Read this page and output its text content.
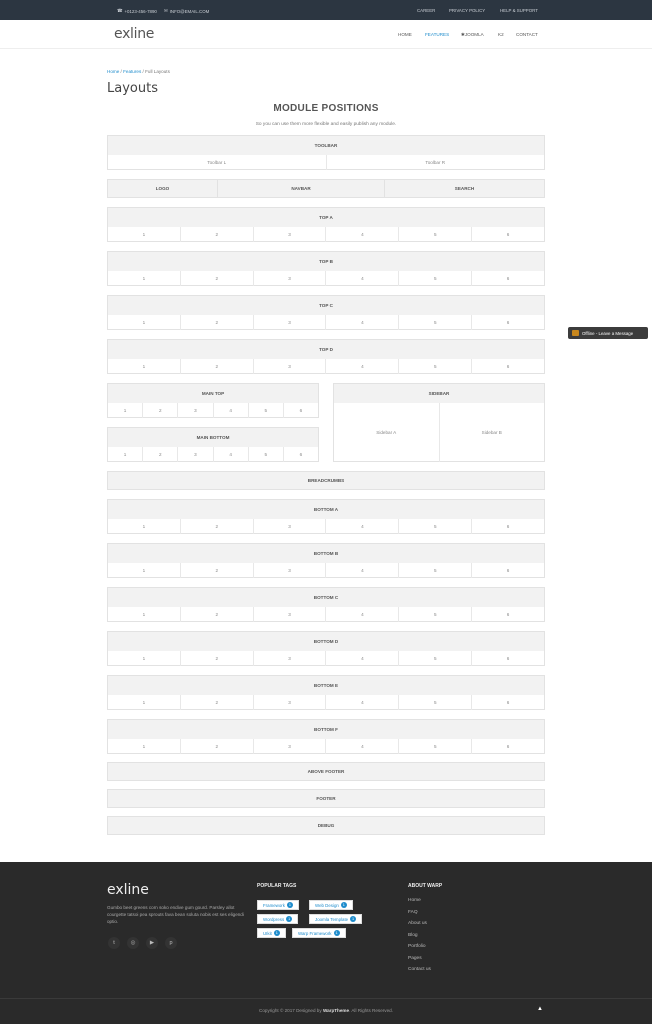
☎ +0123-456-7890 ✉ INFO@EMAIL.COM	CAREER	PRIVACY POLICY	HELP & SUPPORT
exline	HOME	FEATURES	✱JOOMLA	K2	CONTACT
Home / Features / Full Layouts
Layouts
MODULE POSITIONS
So you can use them more flexible and easily publish any module.
TOOLBAR
Toolbar L	Toolbar R
LOGO	NAVBAR	SEARCH
TOP A
1	2	3	4	5	6
TOP B
1	2	3	4	5	6
TOP C
1	2	3	4	5	6
TOP D
1	2	3	4	5	6
MAIN TOP
1	2	3	4	5	6
MAIN BOTTOM
1	2	3	4	5	6
SIDEBAR
Sidebar A	Sidebar B
BREADCRUMBS
BOTTOM A
1	2	3	4	5	6
BOTTOM B
1	2	3	4	5	6
BOTTOM C
1	2	3	4	5	6
BOTTOM D
1	2	3	4	5	6
BOTTOM E
1	2	3	4	5	6
BOTTOM F
1	2	3	4	5	6
ABOVE FOOTER
FOOTER
DEBUG
Offline - Leave a Message
exline
Gumbo beet greens corn soko endive gum gourd. Parsley allot courgette tatsoi pea sprouts fava bean soluta nobis est ses eligendi optio.
t	◎	▶	p
POPULAR TAGS
Framework	1	Web Design	1
Wordpress	1	Joomla Template	1
UIkit	1	Warp Framework	1
ABOUT WARP
Home
FAQ
About us
Blog
Portfolio
Pages
Contact us
Copyright © 2017 Designed by WarpTheme. All Rights Reserved.	▲
